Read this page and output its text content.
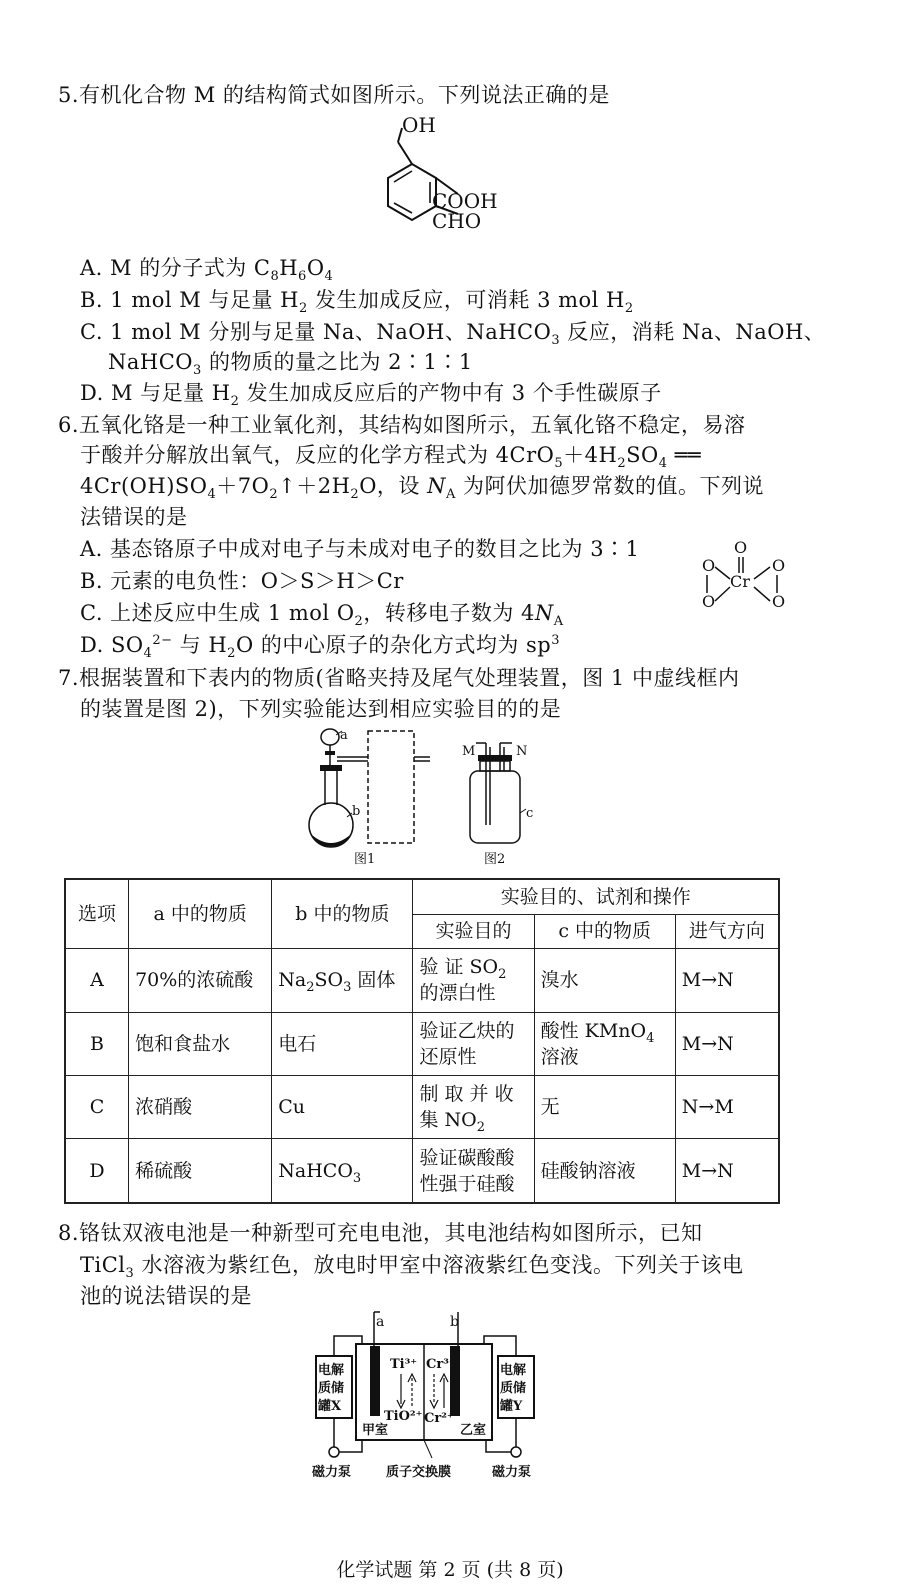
5.有机化合物 M 的结构简式如图所示。下列说法正确的是
OH
COOH
CHO
A. M 的分子式为 $C_8H_6O_4$
B. 1 mol M 与足量 $H_2$ 发生加成反应，可消耗 3 mol $H_2$
C. 1 mol M 分别与足量 Na、NaOH、NaHCO$_3$ 反应，消耗 Na、NaOH、
NaHCO$_3$ 的物质的量之比为 2∶1∶1
D. M 与足量 $H_2$ 发生加成反应后的产物中有 3 个手性碳原子
6.五氧化铬是一种工业氧化剂，其结构如图所示，五氧化铬不稳定，易溶
于酸并分解放出氧气，反应的化学方程式为 $4CrO_5+4H_2SO_4$ ══
$4Cr(OH)SO_4+7O_2↑+2H_2O$，设 $N_A$ 为阿伏加德罗常数的值。下列说
法错误的是
A. 基态铬原子中成对电子与未成对电子的数目之比为 3∶1
B. 元素的电负性：O＞S＞H＞Cr
C. 上述反应中生成 1 mol $O_2$，转移电子数为 $4N_A$
D. $SO_4^{2-}$ 与 $H_2O$ 的中心原子的杂化方式均为 $sp^3$
O
Cr
O
O
O
O
7.根据装置和下表内的物质(省略夹持及尾气处理装置，图 1 中虚线框内
的装置是图 2)，下列实验能达到相应实验目的的是
a
b
图1
M	N
c
图2
选项	a 中的物质	b 中的物质	实验目的、试剂和操作		
			实验目的	c 中的物质	进气方向
A	70%的浓硫酸	$Na_2SO_3$ 固体	验 证 $SO_2$
的漂白性	溴水	M→N
B	饱和食盐水	电石	验证乙炔的
还原性	酸性 KMnO$_4$
溶液	M→N
C	浓硝酸	Cu	制 取 并 收
集 $NO_2$	无	N→M
D	稀硫酸	NaHCO$_3$	验证碳酸酸
性强于硅酸	硅酸钠溶液	M→N
8.铬钛双液电池是一种新型可充电电池，其电池结构如图所示，已知
TiCl$_3$ 水溶液为紫红色，放电时甲室中溶液紫红色变浅。下列关于该电
池的说法错误的是
a	b
Ti³⁺ Cr³⁺
TiO²⁺ Cr²⁺
甲室	乙室
电解
质储
罐X
电解
质储
罐Y
磁力泵	质子交换膜	磁力泵
化学试题 第 2 页 (共 8 页)
